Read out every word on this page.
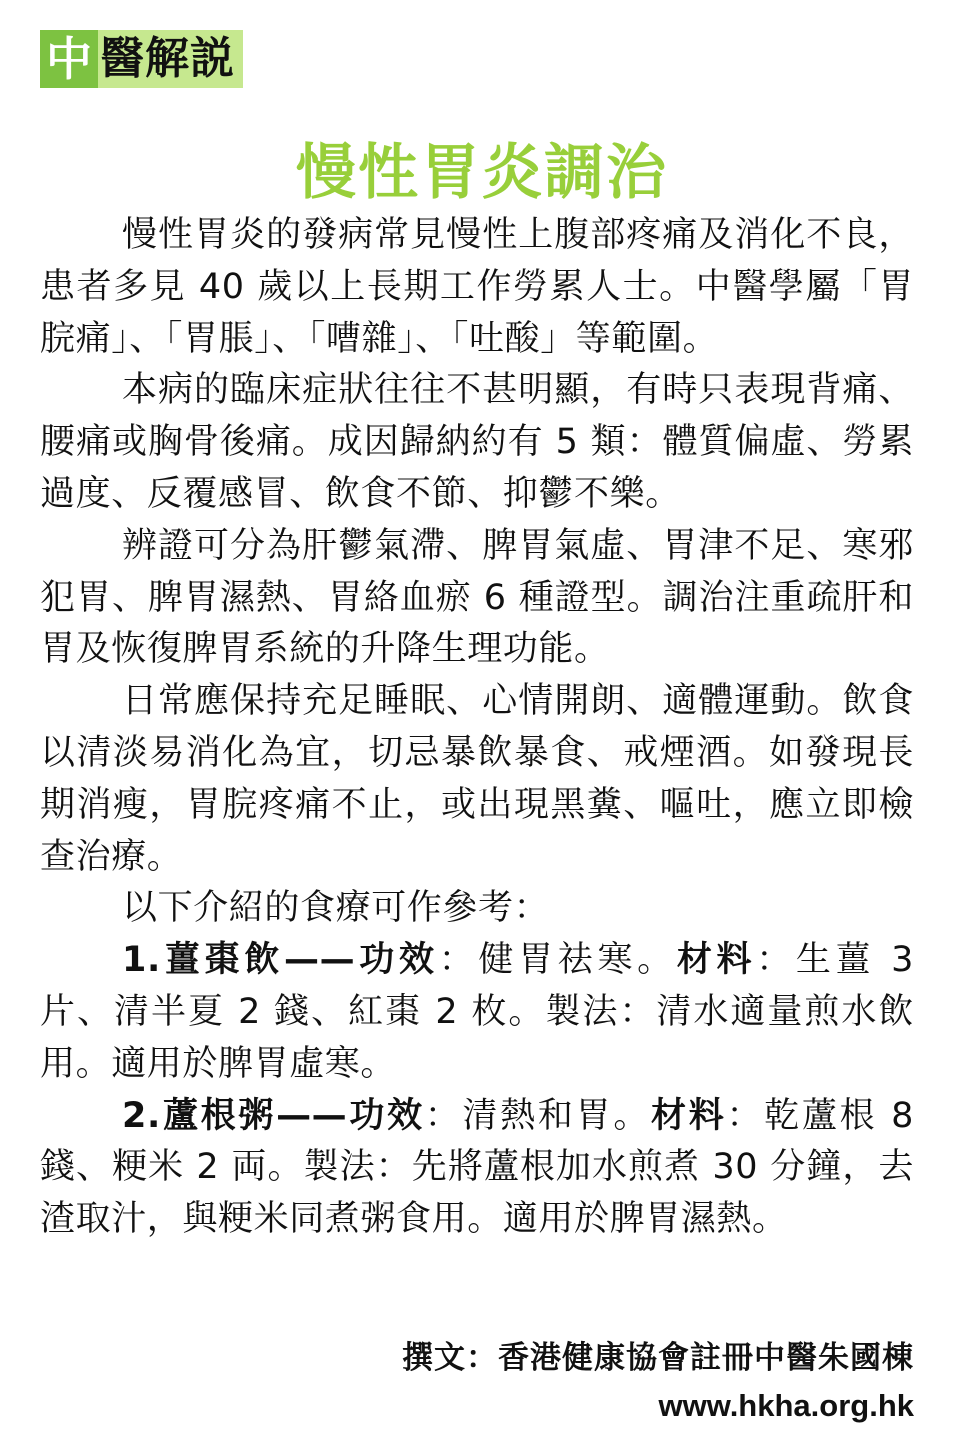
中 醫解説
慢性胃炎調治

慢性胃炎的發病常見慢性上腹部疼痛及消化不良，患者多見 40 歲以上長期工作勞累人士。中醫學屬「胃脘痛」、「胃脹」、「嘈雜」、「吐酸」等範圍。

本病的臨床症狀往往不甚明顯，有時只表現背痛、腰痛或胸骨後痛。成因歸納約有 5 類：體質偏虛、勞累過度、反覆感冒、飲食不節、抑鬱不樂。

辨證可分為肝鬱氣滯、脾胃氣虛、胃津不足、寒邪犯胃、脾胃濕熱、胃絡血瘀 6 種證型。調治注重疏肝和胃及恢復脾胃系統的升降生理功能。

日常應保持充足睡眠、心情開朗、適體運動。飲食以清淡易消化為宜，切忌暴飲暴食、戒煙酒。如發現長期消瘦，胃脘疼痛不止，或出現黑糞、嘔吐，應立即檢查治療。

以下介紹的食療可作參考：

1.薑棗飲——功效：健胃祛寒。材料：生薑 3 片、清半夏 2 錢、紅棗 2 枚。製法：清水適量煎水飲用。適用於脾胃虛寒。

2.蘆根粥——功效：清熱和胃。材料：乾蘆根 8 錢、粳米 2 両。製法：先將蘆根加水煎煮 30 分鐘，去渣取汁，與粳米同煮粥食用。適用於脾胃濕熱。

撰文：香港健康協會註冊中醫朱國棟
www.hkha.org.hk
